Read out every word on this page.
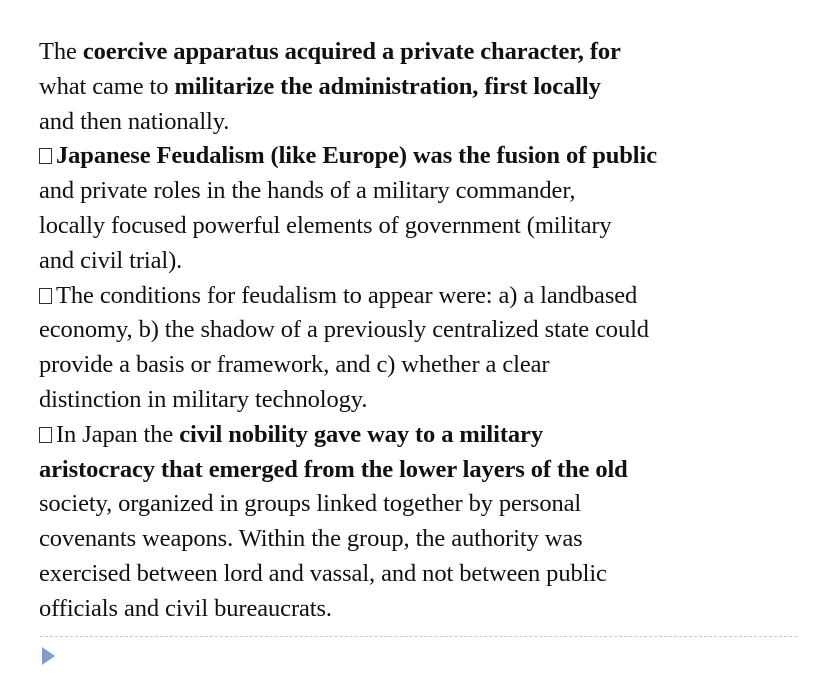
The coercive apparatus acquired a private character, for
what came to militarize the administration, first locally
and then nationally.
Japanese Feudalism (like Europe) was the fusion of public
and private roles in the hands of a military commander,
locally focused powerful elements of government (military
and civil trial).
The conditions for feudalism to appear were: a) a landbased
economy, b) the shadow of a previously centralized state could
provide a basis or framework, and c) whether a clear
distinction in military technology.
In Japan the civil nobility gave way to a military
aristocracy that emerged from the lower layers of the old
society, organized in groups linked together by personal
covenants weapons. Within the group, the authority was
exercised between lord and vassal, and not between public
officials and civil bureaucrats.
